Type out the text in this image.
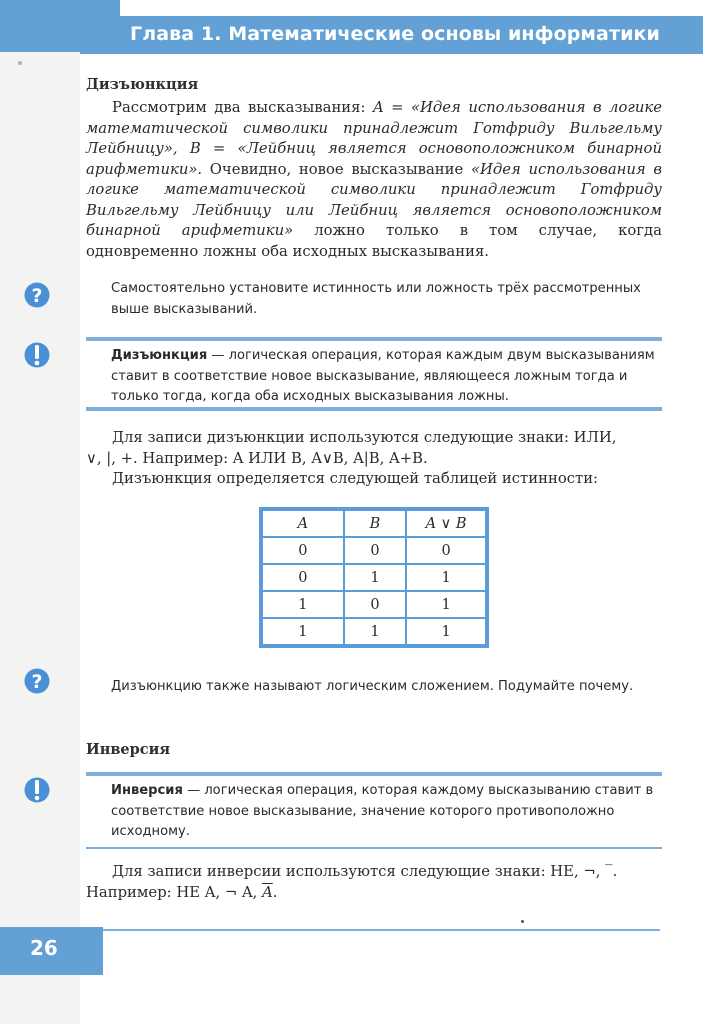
Глава 1. Математические основы информатики
Дизъюнкция
Рассмотрим два высказывания: A = «Идея использования в логике математической символики принадлежит Готфриду Вильгельму Лейбницу», B = «Лейбниц является основоположником бинарной арифметики». Очевидно, новое высказывание «Идея использования в логике математической символики принадлежит Готфриду Вильгельму Лейбницу или Лейбниц является основоположником бинарной арифметики» ложно только в том случае, когда одновременно ложны оба исходных высказывания.
?	Самостоятельно установите истинность или ложность трёх рассмотренных выше высказываний.
Дизъюнкция — логическая операция, которая каждым двум высказываниям ставит в соответствие новое высказывание, являющееся ложным тогда и только тогда, когда оба исходных высказывания ложны.
Для записи дизъюнкции используются следующие знаки: ИЛИ,
∨, |, +. Например: A ИЛИ B, A∨B, A|B, A+B.
Дизъюнкция определяется следующей таблицей истинности:
A	B	A ∨ B
0	0	0
0	1	1
1	0	1
1	1	1
?	Дизъюнкцию также называют логическим сложением. Подумайте почему.
Инверсия
Инверсия — логическая операция, которая каждому высказыванию ставит в соответствие новое высказывание, значение которого противоположно исходному.
Для записи инверсии используются следующие знаки: НЕ, ¬, ‾.
Например: НЕ A, ¬ A, $\overline{A}$.
26
